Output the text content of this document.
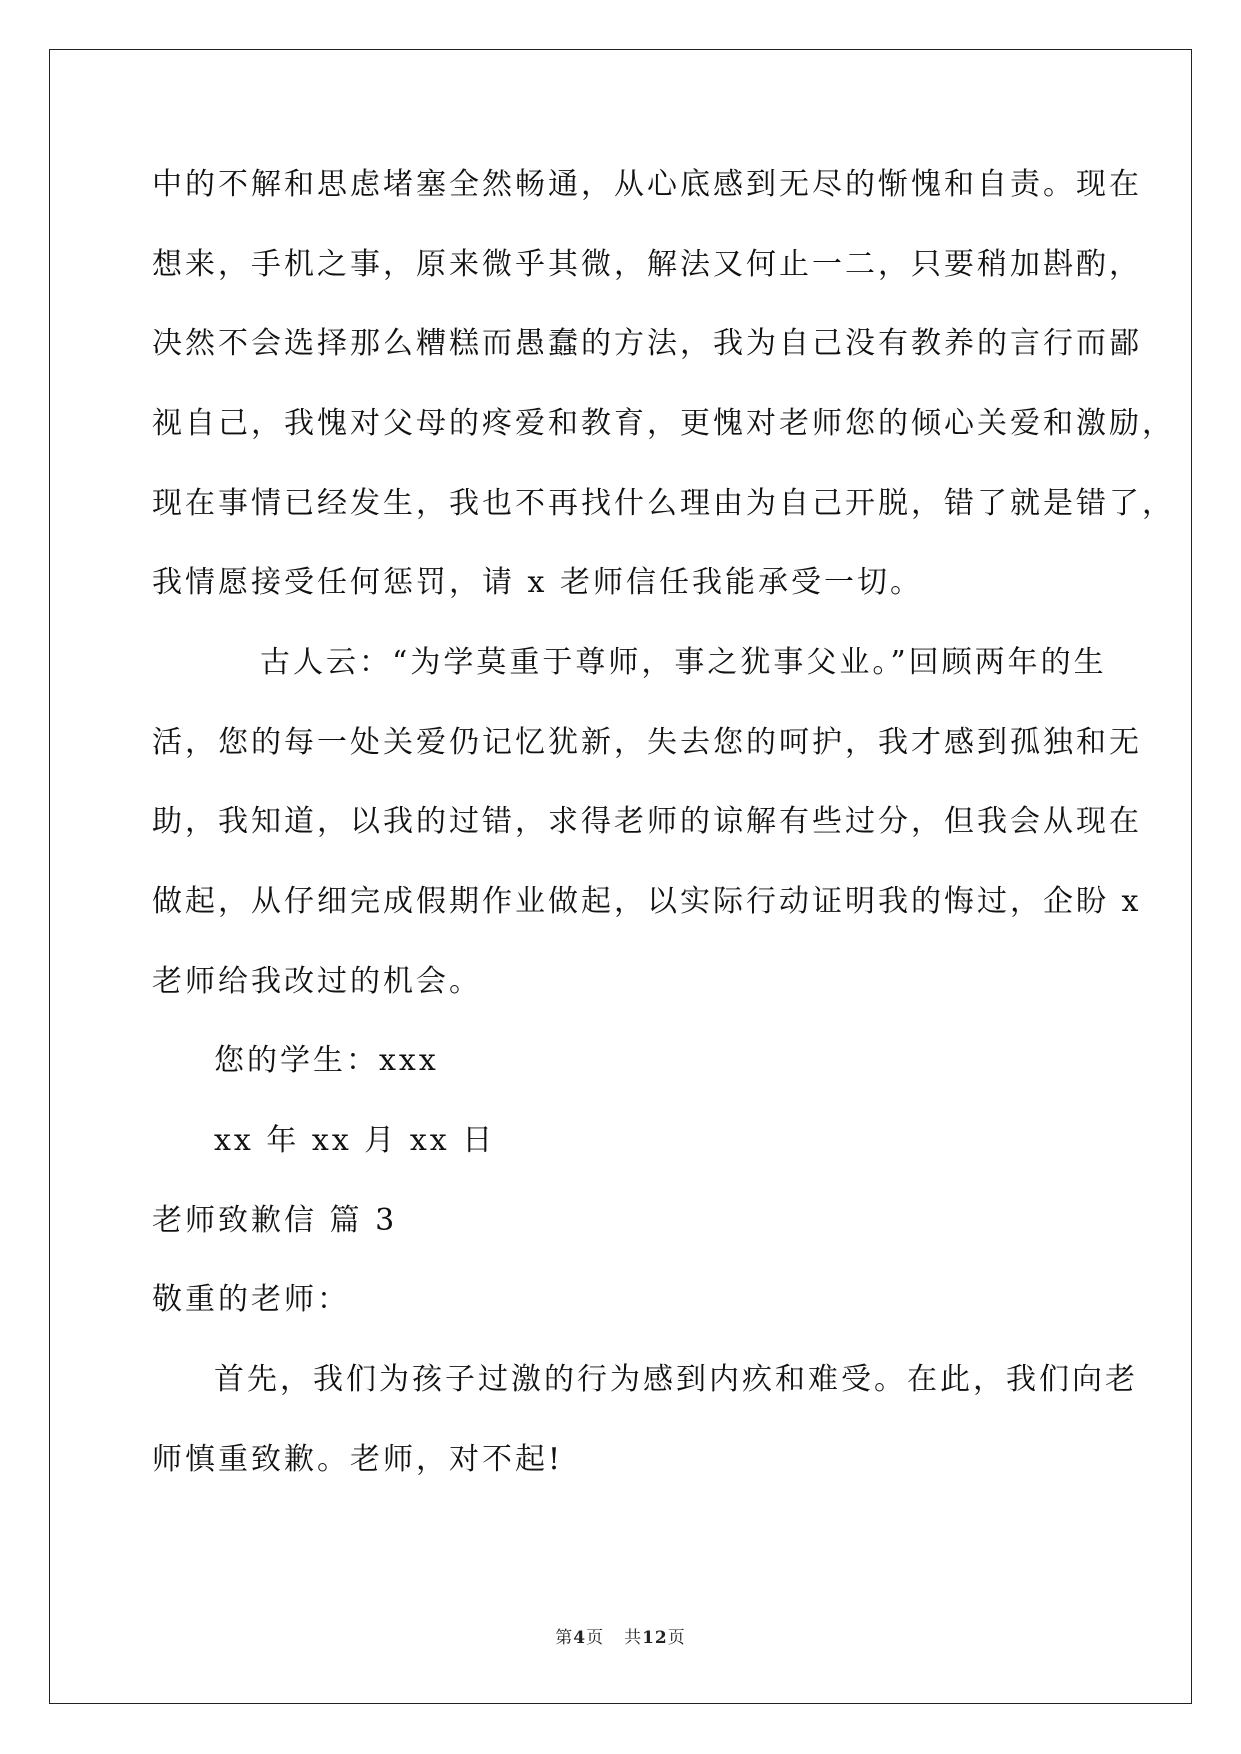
中的不解和思虑堵塞全然畅通，从心底感到无尽的惭愧和自责。现在
想来，手机之事，原来微乎其微，解法又何止一二，只要稍加斟酌，
决然不会选择那么糟糕而愚蠢的方法，我为自己没有教养的言行而鄙
视自己，我愧对父母的疼爱和教育，更愧对老师您的倾心关爱和激励，
现在事情已经发生，我也不再找什么理由为自己开脱，错了就是错了，
我情愿接受任何惩罚，请 x 老师信任我能承受一切。
古人云：“为学莫重于尊师，事之犹事父业。”回顾两年的生
活，您的每一处关爱仍记忆犹新，失去您的呵护，我才感到孤独和无
助，我知道，以我的过错，求得老师的谅解有些过分，但我会从现在
做起，从仔细完成假期作业做起，以实际行动证明我的悔过，企盼 x
老师给我改过的机会。
您的学生：xxx
xx 年 xx 月 xx 日
老师致歉信 篇 3
敬重的老师：
首先，我们为孩子过激的行为感到内疚和难受。在此，我们向老
师慎重致歉。老师，对不起!
第4页 共12页
